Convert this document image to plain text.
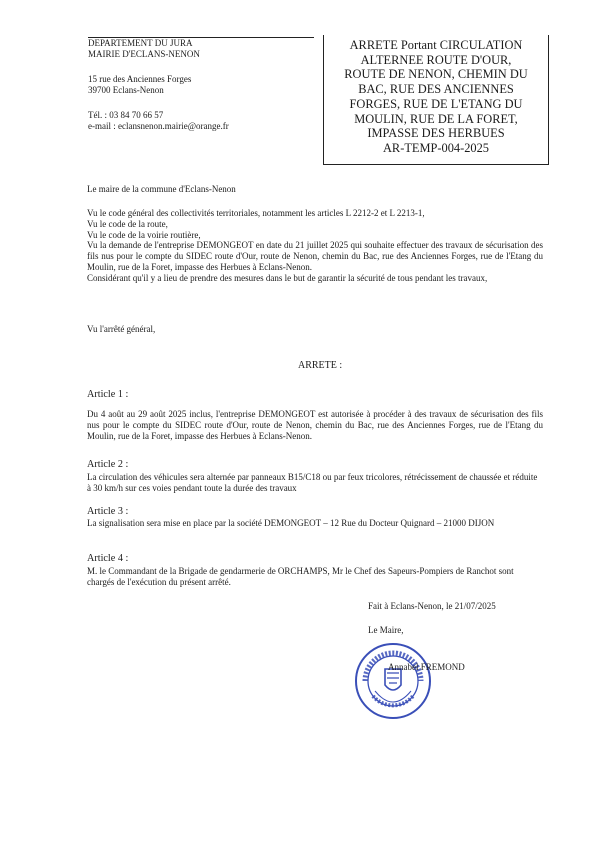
DEPARTEMENT DU JURA
MAIRIE D'ECLANS-NENON
15 rue des Anciennes Forges
39700 Eclans-Nenon
Tél. : 03 84 70 66 57
e-mail : eclansnenon.mairie@orange.fr
ARRETE Portant CIRCULATION
ALTERNEE ROUTE D'OUR,
ROUTE DE NENON, CHEMIN DU
BAC, RUE DES ANCIENNES
FORGES, RUE DE L'ETANG DU
MOULIN, RUE DE LA FORET,
IMPASSE DES HERBUES
AR-TEMP-004-2025
Le maire de la commune d'Eclans-Nenon
Vu le code général des collectivités territoriales, notamment les articles L 2212-2 et L 2213-1,
Vu le code de la route,
Vu le code de la voirie routière,
Vu la demande de l'entreprise DEMONGEOT en date du 21 juillet 2025 qui souhaite effectuer des travaux de sécurisation des fils nus pour le compte du SIDEC route d'Our, route de Nenon, chemin du Bac, rue des Anciennes Forges, rue de l'Etang du Moulin, rue de la Foret, impasse des Herbues à Eclans-Nenon.
Considérant qu'il y a lieu de prendre des mesures dans le but de garantir la sécurité de tous pendant les travaux,
Vu l'arrêté général,
ARRETE :
Article 1 :
Du 4 août au 29 août 2025 inclus, l'entreprise DEMONGEOT est autorisée à procéder à des travaux de sécurisation des fils nus pour le compte du SIDEC route d'Our, route de Nenon, chemin du Bac, rue des Anciennes Forges, rue de l'Etang du Moulin, rue de la Foret, impasse des Herbues à Eclans-Nenon.
Article 2 :
La circulation des véhicules sera alternée par panneaux B15/C18 ou par feux tricolores, rétrécissement de chaussée et réduite à 30 km/h sur ces voies pendant toute la durée des travaux
Article 3 :
La signalisation sera mise en place par la société DEMONGEOT – 12 Rue du Docteur Quignard – 21000 DIJON
Article 4 :
M. le Commandant de la Brigade de gendarmerie de ORCHAMPS, Mr le Chef des Sapeurs-Pompiers de Ranchot sont chargés de l'exécution du présent arrêté.
Fait à Eclans-Nenon, le 21/07/2025
Le Maire,
Annabel FREMOND
